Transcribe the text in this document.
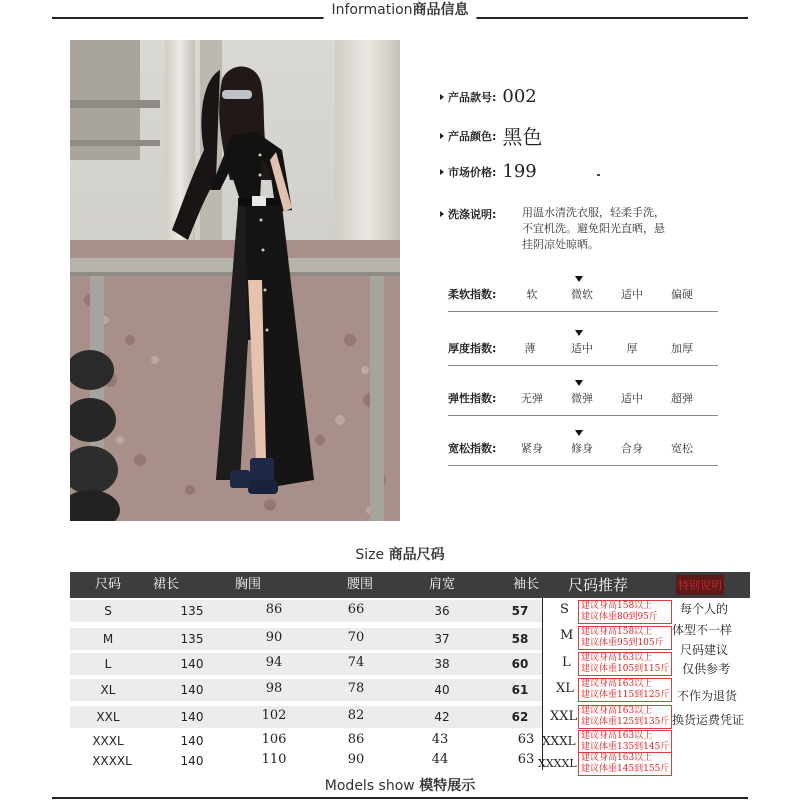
Information商品信息
产品款号: 002
产品颜色: 黑色
市场价格: 199
洗涤说明: 用温水清洗衣服，轻柔手洗，
不宜机洗。避免阳光直晒，悬
挂阴凉处晾晒。
柔软指数:	软	微软	适中	偏硬
厚度指数:	薄	适中	厚	加厚
弹性指数: 无弹	微弹	适中	超弹
宽松指数: 紧身	修身	合身	宽松
Size 商品尺码
尺码 裙长	胸围	腰围	肩宽	袖长 尺码推荐	特别说明
S	135	86	66	36	57
M	135	90	70	37	58
L	140	94	74	38	60
XL	140	98	78	40	61
XXL	140	102	82	42	62
XXXL	140	106	86	43	63
XXXXL	140	110	90	44	63
S 建议身高158以上
建议体重80到95斤
M 建议身高158以上
建议体重95到105斤
L 建议身高163以上
建议体重105到115斤
XL 建议身高163以上
建议体重115到125斤
XXL 建议身高163以上
建议体重125到135斤
XXXL 建议身高163以上
建议体重135到145斤
XXXXL 建议身高163以上
建议体重145到155斤
每个人的
体型不一样
尺码建议
仅供参考
不作为退货
换货运费凭证
Models show 模特展示
